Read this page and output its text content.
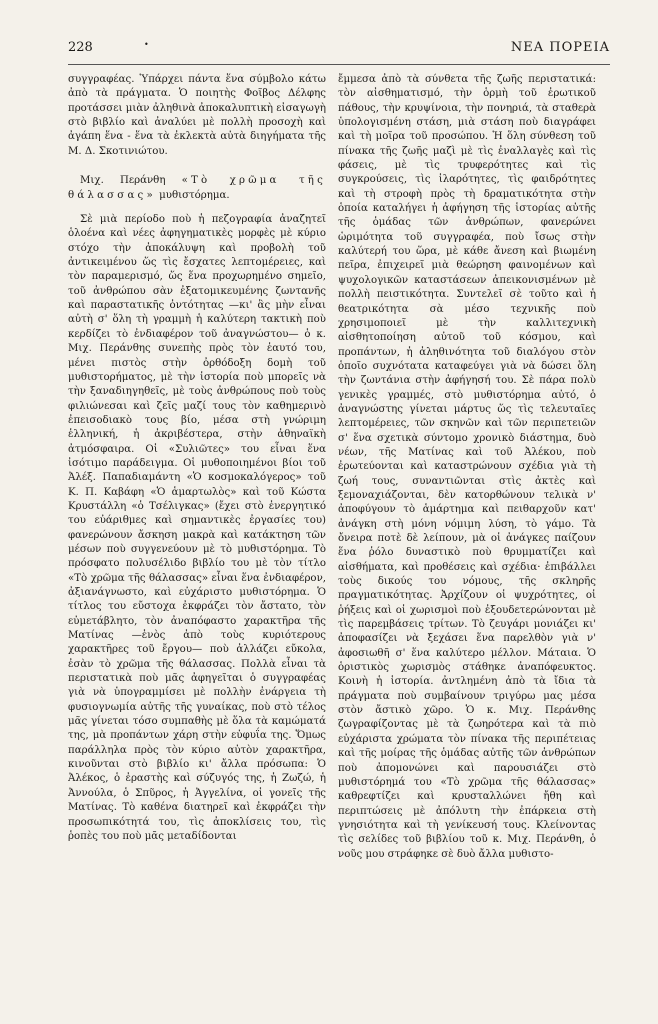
228	•	ΝΕΑ ΠΟΡΕΙΑ

συγγραφέας. Ὑπάρχει πάντα ἕνα σύμβολο κάτω ἀπὸ τὰ πράγματα. Ὁ ποιητὴς Φοῖβος Δέλφης προτάσσει μιὰν ἀληθινὰ ἀποκαλυπτικὴ εἰσαγωγὴ στὸ βιβλίο καὶ ἀναλύει μὲ πολλὴ προσοχὴ καὶ ἀγάπη ἕνα - ἕνα τὰ ἐκλεκτὰ αὐτὰ διηγήματα τῆς Μ. Δ. Σκοτινιώτου.

Μιχ. Περάνθη «Τὸ χρῶμα τῆς θάλασσας» μυθιστόρημα.

Σὲ μιὰ περίοδο ποὺ ἡ πεζογραφία ἀναζητεῖ ὁλοένα καὶ νέες ἀφηγηματικὲς μορφὲς μὲ κύριο στόχο τὴν ἀποκάλυψη καὶ προβολὴ τοῦ ἀντικειμένου ὥς τὶς ἔσχατες λεπτομέρειες, καὶ τὸν παραμερισμό, ὥς ἕνα προχωρημένο σημεῖο, τοῦ ἀνθρώπου σὰν ἐξατομικευμένης ζωντανῆς καὶ παραστατικῆς ὀντότητας —κι' ἂς μὴν εἶναι αὐτὴ σ' ὅλη τὴ γραμμὴ ἡ καλύτερη τακτικὴ ποὺ κερδίζει τὸ ἐνδιαφέρον τοῦ ἀναγνώστου— ὁ κ. Μιχ. Περάνθης συνεπὴς πρὸς τὸν ἑαυτό του, μένει πιστὸς στὴν ὀρθόδοξη δομὴ τοῦ μυθιστορήματος, μὲ τὴν ἱστορία ποὺ μπορεῖς νὰ τὴν ξαναδιηγηθεῖς, μὲ τοὺς ἀνθρώπους ποὺ τοὺς φιλιώνεσαι καὶ ζεῖς μαζί τους τὸν καθημερινὸ ἐπεισοδιακὸ τους βίο, μέσα στὴ γνώριμη ἑλληνική, ἡ ἀκριβέστερα, στὴν ἀθηναϊκὴ ἀτμόσφαιρα. Οἱ «Συλιῶτες» του εἶναι ἕνα ἰσότιμο παράδειγμα. Οἱ μυθοποιημένοι βίοι τοῦ Ἀλέξ. Παπαδιαμάντη «Ὁ κοσμοκαλόγερος» τοῦ Κ. Π. Καβάφη «Ὁ ἁμαρτωλὸς» καὶ τοῦ Κώστα Κρυστάλλη «ὁ Τσέλιγκας» (ἔχει στὸ ἐνεργητικό του εὐάριθμες καὶ σημαντικὲς ἐργασίες του) φανερώνουν ἄσκηση μακρὰ καὶ κατάκτηση τῶν μέσων ποὺ συγγενεύουν μὲ τὸ μυθιστόρημα. Τὸ πρόσφατο πολυσέλιδο βιβλίο του μὲ τὸν τίτλο «Τὸ χρῶμα τῆς θάλασσας» εἶναι ἕνα ἐνδιαφέρον, ἀξιανάγνωστο, καὶ εὐχάριστο μυθιστόρημα. Ὁ τίτλος του εὔστοχα ἐκφράζει τὸν ἄστατο, τὸν εὐμετάβλητο, τὸν ἀναπόφαστο χαρακτῆρα τῆς Ματίνας —ἑνὸς ἀπὸ τοὺς κυριότερους χαρακτῆρες τοῦ ἔργου— ποὺ ἀλλάζει εὔκολα, ἐσὰν τὸ χρῶμα τῆς θάλασσας. Πολλὰ εἶναι τὰ περιστατικὰ ποὺ μᾶς ἀφηγεῖται ὁ συγγραφέας γιὰ νὰ ὑπογραμμίσει μὲ πολλὴν ἐνάργεια τὴ φυσιογνωμία αὐτῆς τῆς γυναίκας, ποὺ στὸ τέλος μᾶς γίνεται τόσο συμπαθὴς μὲ ὅλα τὰ καμώματά της, μὰ προπάντων χάρη στὴν εὐφυΐα της. Ὅμως παράλληλα πρὸς τὸν κύριο αὐτὸν χαρακτῆρα, κινοῦνται στὸ βιβλίο κι' ἄλλα πρόσωπα: Ὁ Ἀλέκος, ὁ ἐραστὴς καὶ σύζυγός της, ἡ Ζωζώ, ἡ Ἀννούλα, ὁ Σπῦρος, ἡ Ἀγγελίνα, οἱ γονεῖς τῆς Ματίνας. Τὸ καθένα διατηρεῖ καὶ ἐκφράζει τὴν προσωπικότητά του, τὶς ἀποκλίσεις του, τὶς ῥοπὲς του ποὺ μᾶς μεταδίδονται

ἔμμεσα ἀπὸ τὰ σύνθετα τῆς ζωῆς περιστατικά: τὸν αἰσθηματισμό, τὴν ὁρμὴ τοῦ ἐρωτικοῦ πάθους, τὴν κρυψίνοια, τὴν πονηριά, τὰ σταθερὰ ὑπολογισμένη στάση, μιὰ στάση ποὺ διαγράφει καὶ τὴ μοῖρα τοῦ προσώπου. Ἡ ὅλη σύνθεση τοῦ πίνακα τῆς ζωῆς μαζὶ μὲ τὶς ἐναλλαγὲς καὶ τὶς φάσεις, μὲ τὶς τρυφερότητες καὶ τὶς συγκρούσεις, τὶς ἱλαρότητες, τὶς φαιδρότητες καὶ τὴ στροφὴ πρὸς τὴ δραματικότητα στὴν ὁποία καταλήγει ἡ ἀφήγηση τῆς ἱστορίας αὐτῆς τῆς ὁμάδας τῶν ἀνθρώπων, φανερώνει ὡριμότητα τοῦ συγγραφέα, ποὺ ἴσως στὴν καλύτερή του ὥρα, μὲ κάθε ἄνεση καὶ βιωμένη πεῖρα, ἐπιχειρεῖ μιὰ θεώρηση φαινομένων καὶ ψυχολογικῶν καταστάσεων ἀπεικονισμένων μὲ πολλὴ πειστικότητα. Συντελεῖ σὲ τοῦτο καὶ ἡ θεατρικότητα σὰ μέσο τεχνικῆς ποὺ χρησιμοποιεῖ μὲ τὴν καλλιτεχνικὴ αἰσθητοποίηση αὐτοῦ τοῦ κόσμου, καὶ προπάντων, ἡ ἀληθινότητα τοῦ διαλόγου στὸν ὁποῖο συχνότατα καταφεύγει γιὰ νὰ δώσει ὅλη τὴν ζωντάνια στὴν ἀφήγησή του. Σὲ πάρα πολὺ γενικὲς γραμμές, στὸ μυθιστόρημα αὐτό, ὁ ἀναγνώστης γίνεται μάρτυς ὥς τὶς τελευταῖες λεπτομέρειες, τῶν σκηνῶν καὶ τῶν περιπετειῶν σ' ἕνα σχετικὰ σύντομο χρονικὸ διάστημα, δυὸ νέων, τῆς Ματίνας καὶ τοῦ Ἀλέκου, ποὺ ἐρωτεύονται καὶ καταστρώνουν σχέδια γιὰ τὴ ζωή τους, συναντιῶνται στὶς ἀκτὲς καὶ ξεμοναχιάζονται, δὲν κατορθώνουν τελικὰ ν' ἀποφύγουν τὸ ἁμάρτημα καὶ πειθαρχοῦν κατ' ἀνάγκη στὴ μόνη νόμιμη λύση, τὸ γάμο. Τὰ ὄνειρα ποτὲ δὲ λείπουν, μὰ οἱ ἀνάγκες παίζουν ἕνα ῥόλο δυναστικὸ ποὺ θρυμματίζει καὶ αἰσθήματα, καὶ προθέσεις καὶ σχέδια· ἐπιβάλλει τοὺς δικούς του νόμους, τῆς σκληρῆς πραγματικότητας. Ἀρχίζουν οἱ ψυχρότητες, οἱ ῥήξεις καὶ οἱ χωρισμοὶ ποὺ ἐξουδετερώνονται μὲ τὶς παρεμβάσεις τρίτων. Τὸ ζευγάρι μονιάζει κι' ἀποφασίζει νὰ ξεχάσει ἕνα παρελθὸν γιὰ ν' ἀφοσιωθῆ σ' ἕνα καλύτερο μέλλον. Μάταια. Ὁ ὁριστικὸς χωρισμὸς στάθηκε ἀναπόφευκτος. Κοινὴ ἡ ἱστορία. ἀντλημένη ἀπὸ τὰ ἴδια τὰ πράγματα ποὺ συμβαίνουν τριγύρω μας μέσα στὸν ἄστικὸ χῶρο. Ὁ κ. Μιχ. Περάνθης ζωγραφίζοντας μὲ τὰ ζωηρότερα καὶ τὰ πιὸ εὐχάριστα χρώματα τὸν πίνακα τῆς περιπέτειας καὶ τῆς μοίρας τῆς ὁμάδας αὐτῆς τῶν ἀνθρώπων ποὺ ἀπομονώνει καὶ παρουσιάζει στὸ μυθιστόρημά του «Τὸ χρῶμα τῆς θάλασσας» καθρεφτίζει καὶ κρυσταλλώνει ἤθη καὶ περιπτώσεις μὲ ἀπόλυτη τὴν ἐπάρκεια στὴ γνησιότητα καὶ τὴ γενίκευσή τους. Κλείνοντας τὶς σελίδες τοῦ βιβλίου τοῦ κ. Μιχ. Περάνθη, ὁ νοῦς μου στράφηκε σὲ δυὸ ἄλλα μυθιστο-
